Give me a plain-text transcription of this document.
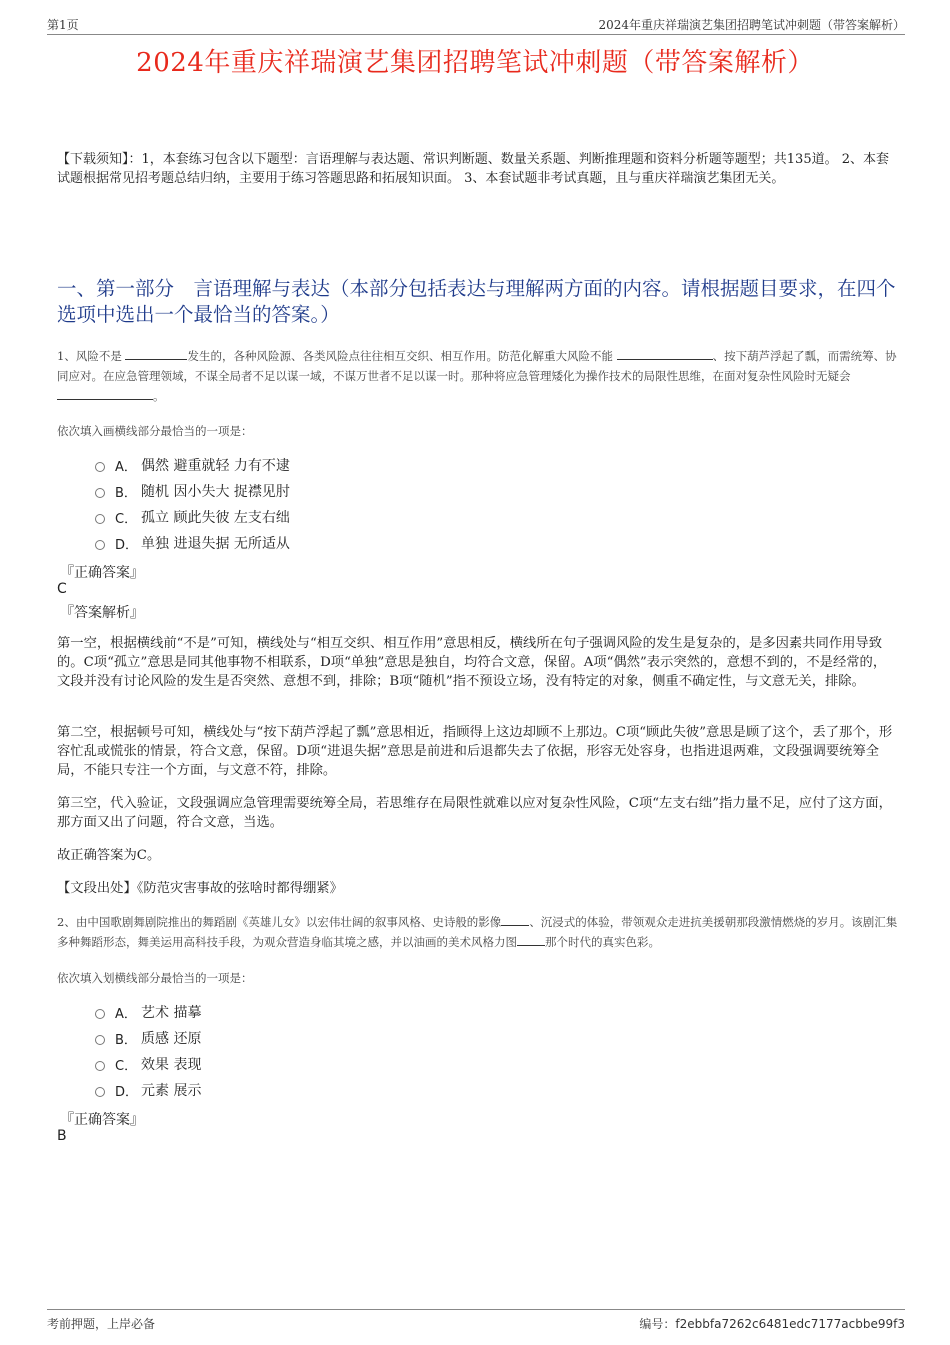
第1页	2024年重庆祥瑞演艺集团招聘笔试冲刺题（带答案解析）
2024年重庆祥瑞演艺集团招聘笔试冲刺题（带答案解析）
【下载须知】：1，本套练习包含以下题型：言语理解与表达题、常识判断题、数量关系题、判断推理题和资料分析题等题型；共135道。 2、本套试题根据常见招考题总结归纳，主要用于练习答题思路和拓展知识面。 3、本套试题非考试真题，且与重庆祥瑞演艺集团无关。
一、第一部分　言语理解与表达（本部分包括表达与理解两方面的内容。请根据题目要求，在四个选项中选出一个最恰当的答案。）
1、风险不是	发生的，各种风险源、各类风险点往往相互交织、相互作用。防范化解重大风险不能	、按下葫芦浮起了瓢，而需统筹、协同应对。在应急管理领域，不谋全局者不足以谋一域，不谋万世者不足以谋一时。那种将应急管理矮化为操作技术的局限性思维，在面对复杂性风险时无疑会 。
依次填入画横线部分最恰当的一项是：
A． 偶然 避重就轻 力有不逮
B． 随机 因小失大 捉襟见肘
C． 孤立 顾此失彼 左支右绌
D． 单独 进退失据 无所适从
『正确答案』
C
『答案解析』
第一空，根据横线前“不是”可知，横线处与“相互交织、相互作用”意思相反，横线所在句子强调风险的发生是复杂的，是多因素共同作用导致的。C项“孤立”意思是同其他事物不相联系，D项“单独”意思是独自，均符合文意，保留。A项“偶然”表示突然的，意想不到的，不是经常的，文段并没有讨论风险的发生是否突然、意想不到，排除；B项“随机”指不预设立场，没有特定的对象，侧重不确定性，与文意无关，排除。
第二空，根据顿号可知，横线处与“按下葫芦浮起了瓢”意思相近，指顾得上这边却顾不上那边。C项“顾此失彼”意思是顾了这个，丢了那个，形容忙乱或慌张的情景，符合文意，保留。D项“进退失据”意思是前进和后退都失去了依据，形容无处容身，也指进退两难，文段强调要统筹全局，不能只专注一个方面，与文意不符，排除。
第三空，代入验证，文段强调应急管理需要统筹全局，若思维存在局限性就难以应对复杂性风险，C项“左支右绌”指力量不足，应付了这方面，那方面又出了问题，符合文意，当选。
故正确答案为C。
【文段出处】《防范灾害事故的弦啥时都得绷紧》
2、由中国歌剧舞剧院推出的舞蹈剧《英雄儿女》以宏伟壮阔的叙事风格、史诗般的影像 、沉浸式的体验，带领观众走进抗美援朝那段激情燃烧的岁月。该剧汇集多种舞蹈形态，舞美运用高科技手段，为观众营造身临其境之感，并以油画的美术风格力图 那个时代的真实色彩。
依次填入划横线部分最恰当的一项是：
A． 艺术 描摹
B． 质感 还原
C． 效果 表现
D． 元素 展示
『正确答案』
B
考前押题，上岸必备	编号：f2ebbfa7262c6481edc7177acbbe99f3
